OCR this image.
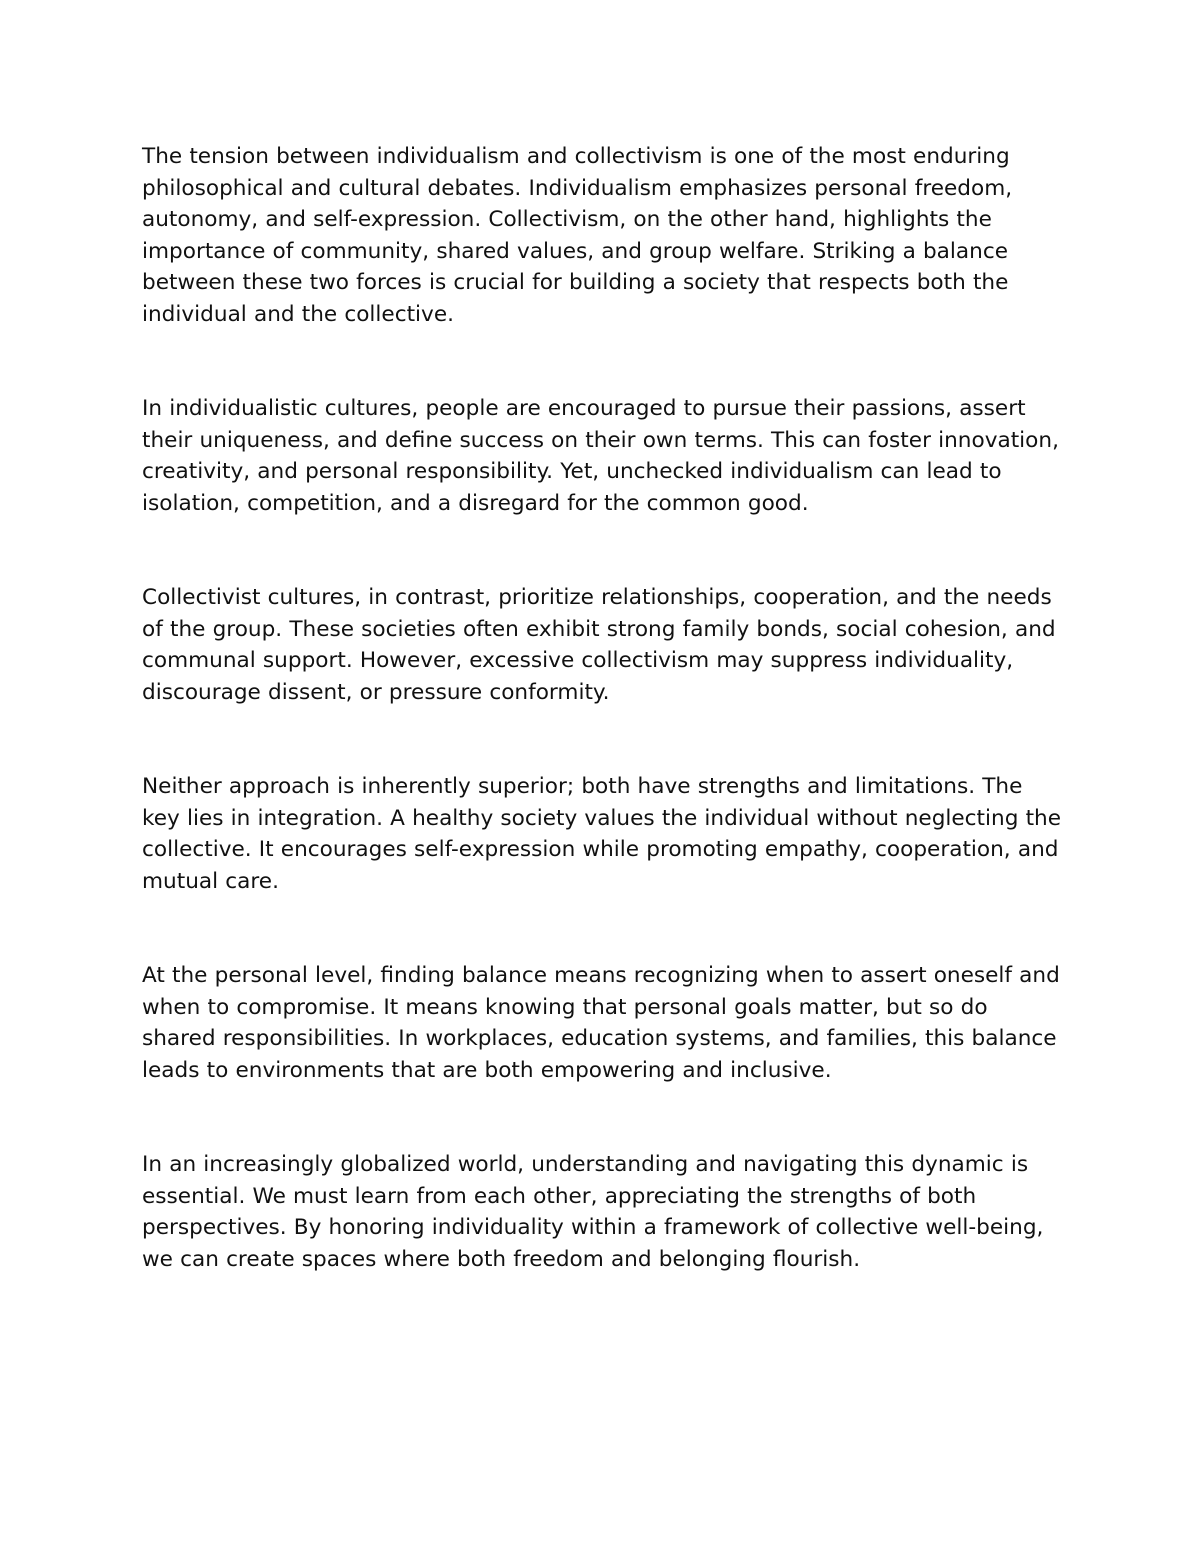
The tension between individualism and collectivism is one of the most enduring philosophical and cultural debates. Individualism emphasizes personal freedom, autonomy, and self-expression. Collectivism, on the other hand, highlights the importance of community, shared values, and group welfare. Striking a balance between these two forces is crucial for building a society that respects both the individual and the collective.

In individualistic cultures, people are encouraged to pursue their passions, assert their uniqueness, and define success on their own terms. This can foster innovation, creativity, and personal responsibility. Yet, unchecked individualism can lead to isolation, competition, and a disregard for the common good.

Collectivist cultures, in contrast, prioritize relationships, cooperation, and the needs of the group. These societies often exhibit strong family bonds, social cohesion, and communal support. However, excessive collectivism may suppress individuality, discourage dissent, or pressure conformity.

Neither approach is inherently superior; both have strengths and limitations. The key lies in integration. A healthy society values the individual without neglecting the collective. It encourages self-expression while promoting empathy, cooperation, and mutual care.

At the personal level, finding balance means recognizing when to assert oneself and when to compromise. It means knowing that personal goals matter, but so do shared responsibilities. In workplaces, education systems, and families, this balance leads to environments that are both empowering and inclusive.

In an increasingly globalized world, understanding and navigating this dynamic is essential. We must learn from each other, appreciating the strengths of both perspectives. By honoring individuality within a framework of collective well-being, we can create spaces where both freedom and belonging flourish.
